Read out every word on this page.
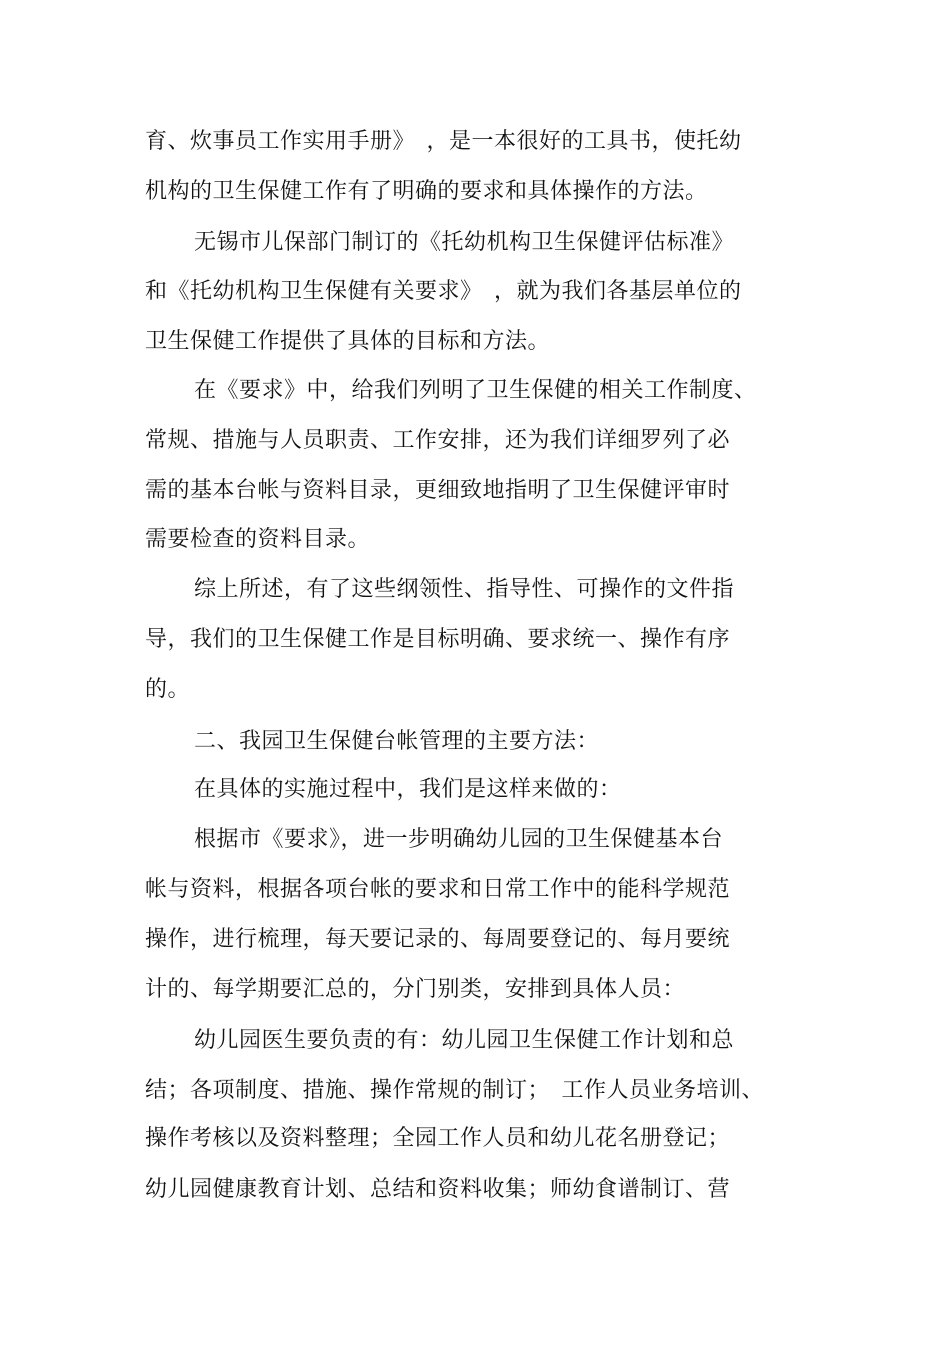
育、炊事员工作实用手册》　，是一本很好的工具书，使托幼
机构的卫生保健工作有了明确的要求和具体操作的方法。
无锡市儿保部门制订的《托幼机构卫生保健评估标准》
和《托幼机构卫生保健有关要求》　，就为我们各基层单位的
卫生保健工作提供了具体的目标和方法。
在《要求》中，给我们列明了卫生保健的相关工作制度、
常规、措施与人员职责、工作安排，还为我们详细罗列了必
需的基本台帐与资料目录，更细致地指明了卫生保健评审时
需要检查的资料目录。
综上所述，有了这些纲领性、指导性、可操作的文件指
导，我们的卫生保健工作是目标明确、要求统一、操作有序
的。
二、我园卫生保健台帐管理的主要方法：
在具体的实施过程中，我们是这样来做的：
根据市《要求》，进一步明确幼儿园的卫生保健基本台
帐与资料，根据各项台帐的要求和日常工作中的能科学规范
操作，进行梳理，每天要记录的、每周要登记的、每月要统
计的、每学期要汇总的，分门别类，安排到具体人员：
幼儿园医生要负责的有：幼儿园卫生保健工作计划和总
结；各项制度、措施、操作常规的制订；　工作人员业务培训、
操作考核以及资料整理；全园工作人员和幼儿花名册登记；
幼儿园健康教育计划、总结和资料收集；师幼食谱制订、营
